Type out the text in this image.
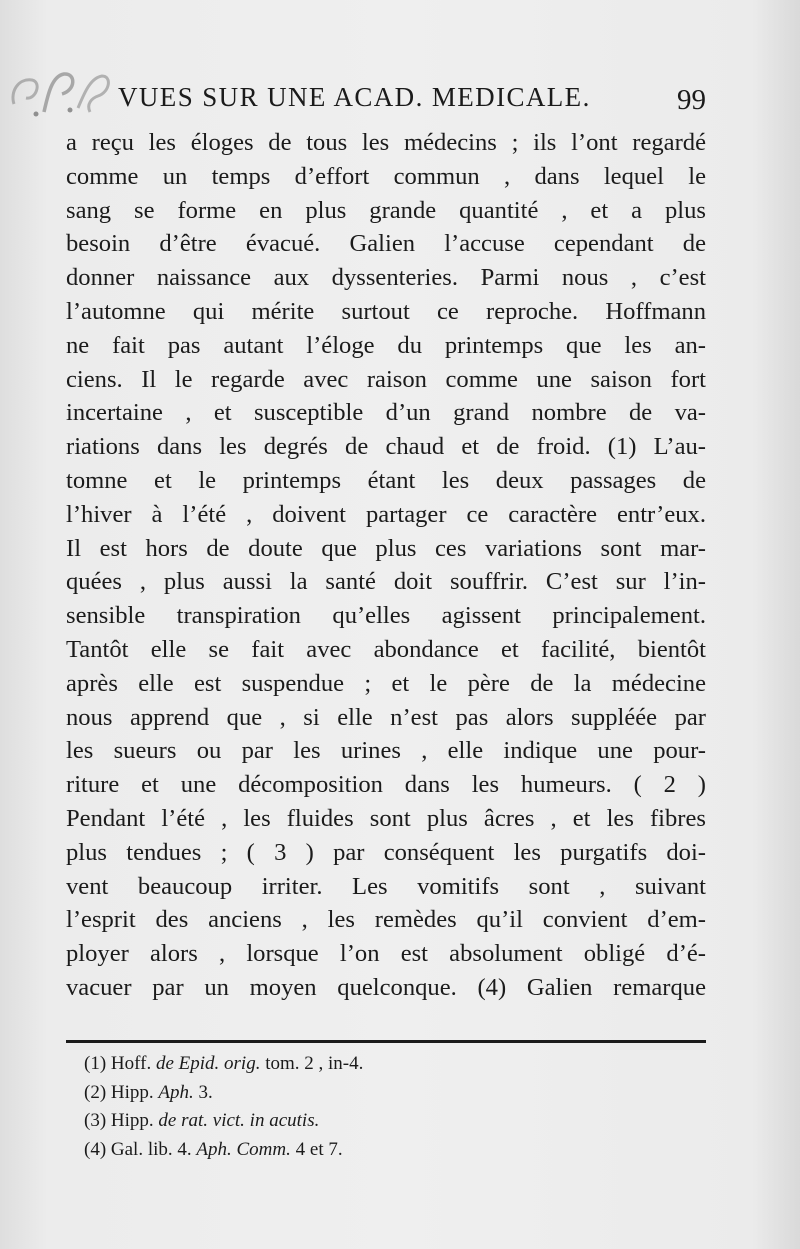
VUES SUR UNE ACAD. MEDICALE.	99
a reçu les éloges de tous les médecins ; ils l’ont regardé
comme un temps d’effort commun , dans lequel le
sang se forme en plus grande quantité , et a plus
besoin d’être évacué. Galien l’accuse cependant de
donner naissance aux dyssenteries. Parmi nous , c’est
l’automne qui mérite surtout ce reproche. Hoffmann
ne fait pas autant l’éloge du printemps que les an-
ciens. Il le regarde avec raison comme une saison fort
incertaine , et susceptible d’un grand nombre de va-
riations dans les degrés de chaud et de froid. (1) L’au-
tomne et le printemps étant les deux passages de
l’hiver à l’été , doivent partager ce caractère entr’eux.
Il est hors de doute que plus ces variations sont mar-
quées , plus aussi la santé doit souffrir. C’est sur l’in-
sensible transpiration qu’elles agissent principalement.
Tantôt elle se fait avec abondance et facilité, bientôt
après elle est suspendue ; et le père de la médecine
nous apprend que , si elle n’est pas alors suppléée par
les sueurs ou par les urines , elle indique une pour-
riture et une décomposition dans les humeurs. ( 2 )
Pendant l’été , les fluides sont plus âcres , et les fibres
plus tendues ; ( 3 ) par conséquent les purgatifs doi-
vent beaucoup irriter. Les vomitifs sont , suivant
l’esprit des anciens , les remèdes qu’il convient d’em-
ployer alors , lorsque l’on est absolument obligé d’é-
vacuer par un moyen quelconque. (4) Galien remarque
(1) Hoff. de Epid. orig. tom. 2 , in-4.
(2) Hipp. Aph. 3.
(3) Hipp. de rat. vict. in acutis.
(4) Gal. lib. 4. Aph. Comm. 4 et 7.
